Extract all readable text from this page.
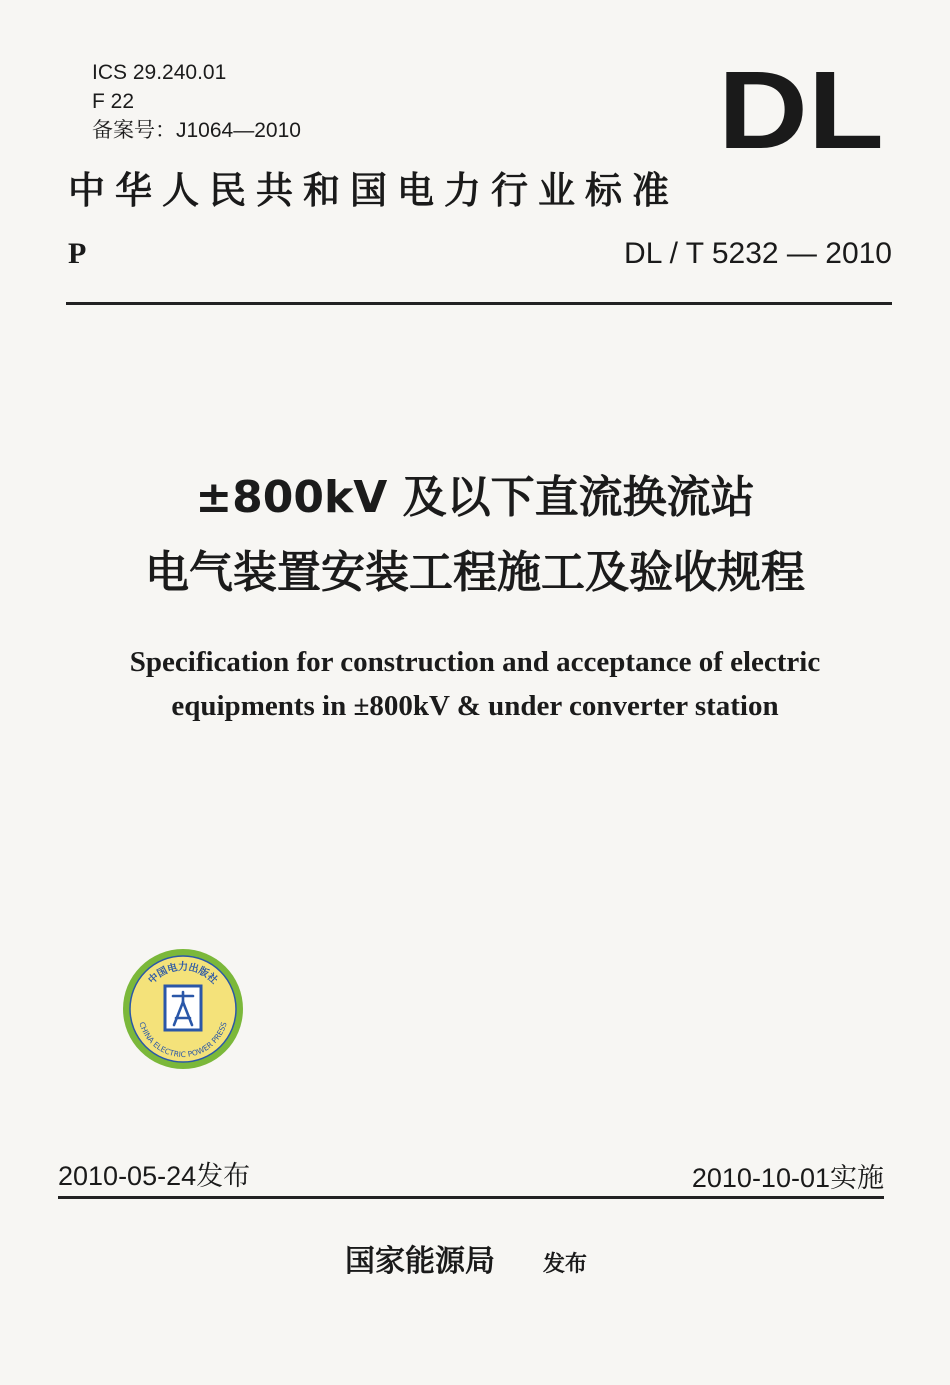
ICS 29.240.01
F 22
备案号：J1064—2010	DL
中华人民共和国电力行业标准
P	DL / T 5232 — 2010
±800kV 及以下直流换流站
电气装置安装工程施工及验收规程
Specification for construction and acceptance of electric
equipments in ±800kV & under converter station
中国电力出版社
CHINA ELECTRIC POWER PRESS
2010-05-24发布	2010-10-01实施
国家能源局 发布
